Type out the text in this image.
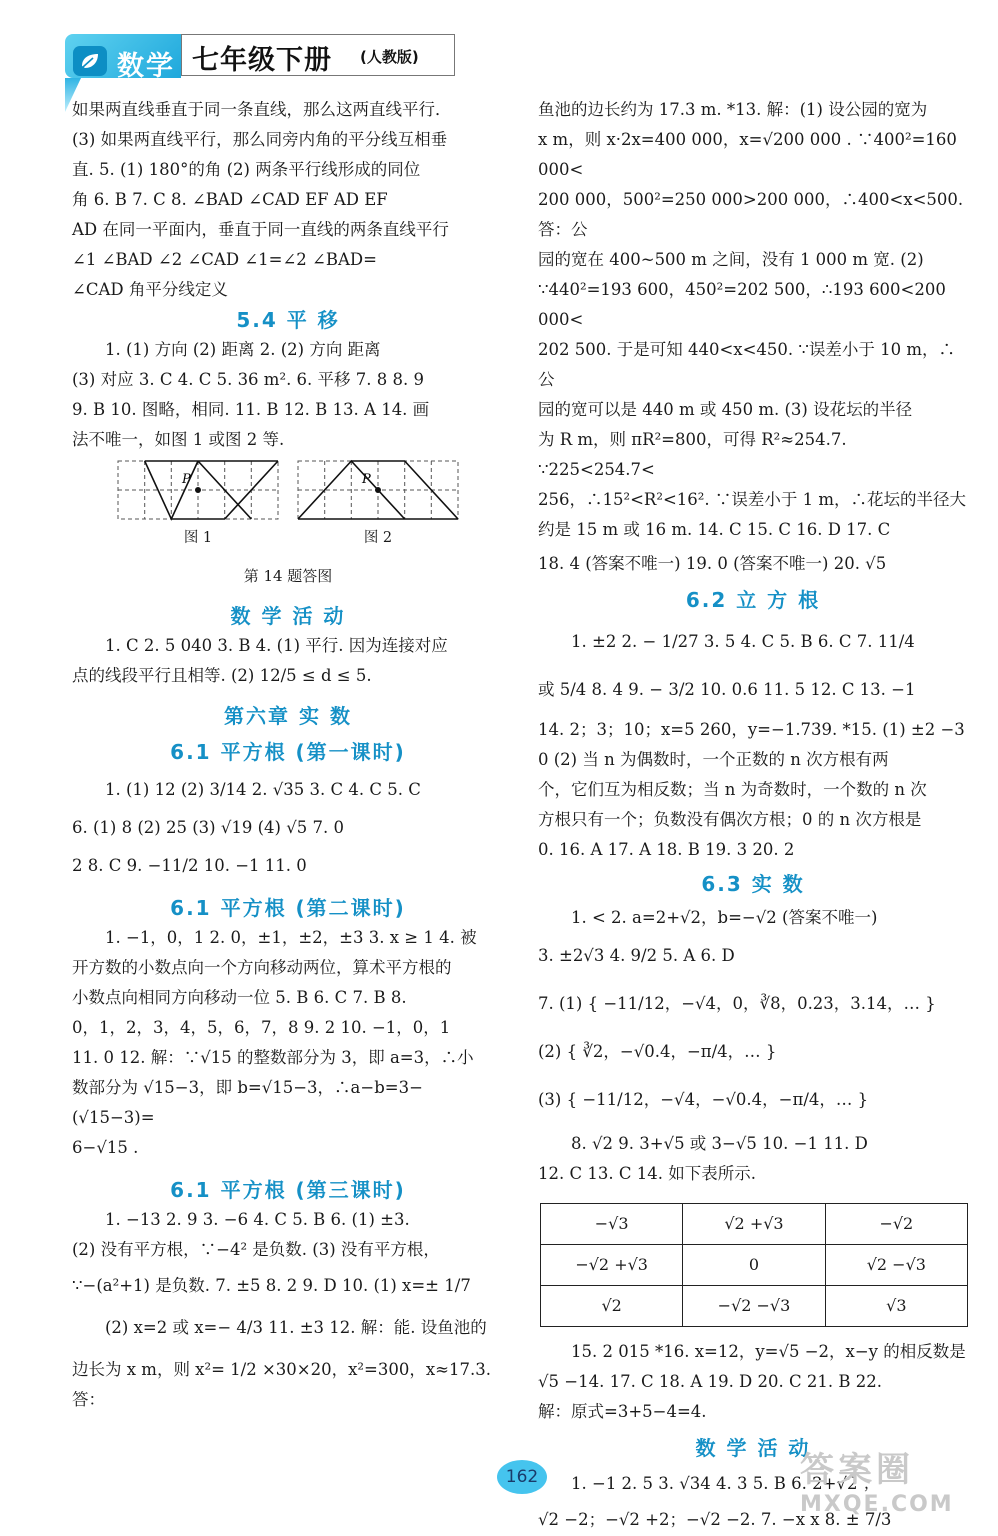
数学 七年级下册 (人教版)

如果两直线垂直于同一条直线，那么这两直线平行．

(3) 如果两直线平行，那么同旁内角的平分线互相垂

直. 5. (1) 180°的角 (2) 两条平行线形成的同位

角 6. B 7. C 8. ∠BAD ∠CAD EF AD EF

AD 在同一平面内，垂直于同一直线的两条直线平行

∠1 ∠BAD ∠2 ∠CAD ∠1=∠2 ∠BAD=

∠CAD 角平分线定义

5.4 平 移

1. (1) 方向 (2) 距离 2. (2) 方向 距离

(3) 对应 3. C 4. C 5. 36 m². 6. 平移 7. 8 8. 9

9. B 10. 图略，相同. 11. B 12. B 13. A 14. 画

法不唯一，如图 1 或图 2 等.

P
图 1
P
图 2

第 14 题答图

数 学 活 动

1. C 2. 5 040 3. B 4. (1) 平行. 因为连接对应

点的线段平行且相等. (2) 12/5 ≤ d ≤ 5.

第六章 实 数

6.1 平方根 (第一课时)

1. (1) 12 (2) 3/14 2. √35 3. C 4. C 5. C

6. (1) 8 (2) 25 (3) √19 (4) √5 7. 0

2 8. C 9. −11/2 10. −1 11. 0

6.1 平方根 (第二课时)

1. −1，0，1 2. 0，±1，±2，±3 3. x ≥ 1 4. 被

开方数的小数点向一个方向移动两位，算术平方根的

小数点向相同方向移动一位 5. B 6. C 7. B 8.

0，1，2，3，4，5，6，7，8 9. 2 10. −1，0，1

11. 0 12. 解：∵√15 的整数部分为 3，即 a=3，∴小

数部分为 √15−3，即 b=√15−3，∴a−b=3−(√15−3)=

6−√15 .

6.1 平方根 (第三课时)

1. −13 2. 9 3. −6 4. C 5. B 6. (1) ±3.

(2) 没有平方根，∵−4² 是负数. (3) 没有平方根，

∵−(a²+1) 是负数. 7. ±5 8. 2 9. D 10. (1) x=± 1/7

(2) x=2 或 x=− 4/3 11. ±3 12. 解：能. 设鱼池的

边长为 x m，则 x²= 1/2 ×30×20，x²=300，x≈17.3. 答：

鱼池的边长约为 17.3 m. *13. 解：(1) 设公园的宽为

x m，则 x·2x=400 000，x=√200 000 . ∵400²=160 000<

200 000，500²=250 000>200 000，∴400<x<500. 答：公

园的宽在 400~500 m 之间，没有 1 000 m 宽. (2)

∵440²=193 600，450²=202 500，∴193 600<200 000<

202 500. 于是可知 440<x<450. ∵误差小于 10 m，∴公

园的宽可以是 440 m 或 450 m. (3) 设花坛的半径

为 R m，则 πR²=800，可得 R²≈254.7. ∵225<254.7<

256，∴15²<R²<16². ∵误差小于 1 m，∴花坛的半径大

约是 15 m 或 16 m. 14. C 15. C 16. D 17. C

18. 4 (答案不唯一) 19. 0 (答案不唯一) 20. √5

6.2 立 方 根

1. ±2 2. − 1/27 3. 5 4. C 5. B 6. C 7. 11/4

或 5/4 8. 4 9. − 3/2 10. 0.6 11. 5 12. C 13. −1

14. 2；3；10；x=5 260，y=−1.739. *15. (1) ±2 −3

0 (2) 当 n 为偶数时，一个正数的 n 次方根有两

个，它们互为相反数；当 n 为奇数时，一个数的 n 次

方根只有一个；负数没有偶次方根；0 的 n 次方根是

0. 16. A 17. A 18. B 19. 3 20. 2

6.3 实 数

1. < 2. a=2+√2，b=−√2 (答案不唯一)

3. ±2√3 4. 9/2 5. A 6. D

7. (1) { −11/12，−√4，0，∛8，0.23，3.14，… }

(2) { ∛2，−√0.4，−π/4，… }

(3) { −11/12，−√4，−√0.4，−π/4，… }

8. √2 9. 3+√5 或 3−√5 10. −1 11. D

12. C 13. C 14. 如下表所示.

−√3	√2 +√3	−√2
−√2 +√3	0	√2 −√3
√2	−√2 −√3	√3

15. 2 015 *16. x=12，y=√5 −2，x−y 的相反数是

√5 −14. 17. C 18. A 19. D 20. C 21. B 22.

解：原式=3+5−4=4.

数 学 活 动

1. −1 2. 5 3. √34 4. 3 5. B 6. 2+√2 ；

√2 −2；−√2 +2；−√2 −2. 7. −x x 8. ± 7/3

162	答案圈
MXQE.COM
